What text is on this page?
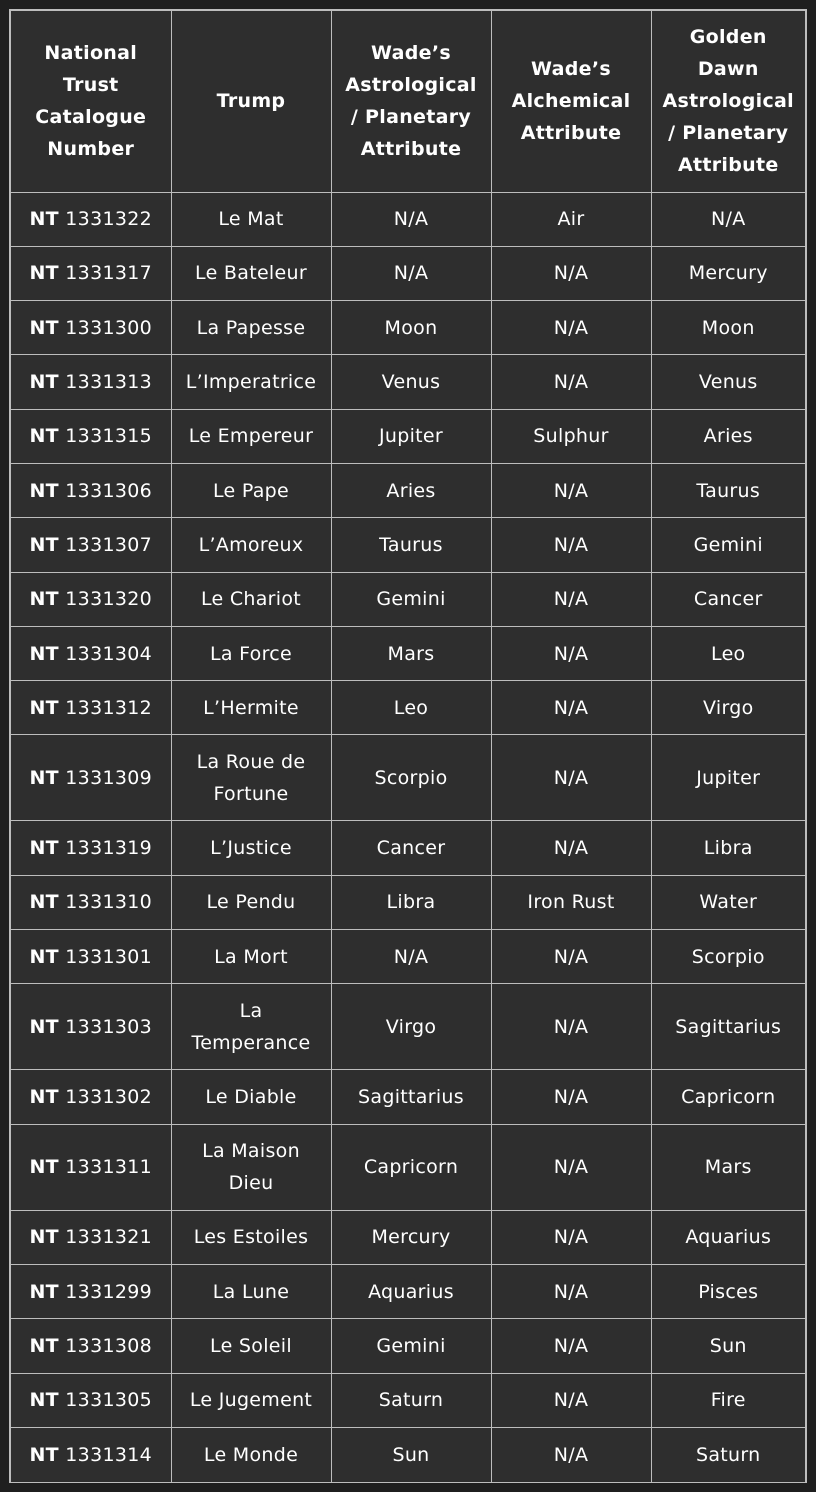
National Trust Catalogue Number	Trump	Wade’s Astrological / Planetary Attribute	Wade’s Alchemical Attribute	Golden Dawn Astrological / Planetary Attribute
NT 1331322	Le Mat	N/A	Air	N/A
NT 1331317	Le Bateleur	N/A	N/A	Mercury
NT 1331300	La Papesse	Moon	N/A	Moon
NT 1331313	L’Imperatrice	Venus	N/A	Venus
NT 1331315	Le Empereur	Jupiter	Sulphur	Aries
NT 1331306	Le Pape	Aries	N/A	Taurus
NT 1331307	L’Amoreux	Taurus	N/A	Gemini
NT 1331320	Le Chariot	Gemini	N/A	Cancer
NT 1331304	La Force	Mars	N/A	Leo
NT 1331312	L’Hermite	Leo	N/A	Virgo
NT 1331309	La Roue de Fortune	Scorpio	N/A	Jupiter
NT 1331319	L’Justice	Cancer	N/A	Libra
NT 1331310	Le Pendu	Libra	Iron Rust	Water
NT 1331301	La Mort	N/A	N/A	Scorpio
NT 1331303	La Temperance	Virgo	N/A	Sagittarius
NT 1331302	Le Diable	Sagittarius	N/A	Capricorn
NT 1331311	La Maison Dieu	Capricorn	N/A	Mars
NT 1331321	Les Estoiles	Mercury	N/A	Aquarius
NT 1331299	La Lune	Aquarius	N/A	Pisces
NT 1331308	Le Soleil	Gemini	N/A	Sun
NT 1331305	Le Jugement	Saturn	N/A	Fire
NT 1331314	Le Monde	Sun	N/A	Saturn
